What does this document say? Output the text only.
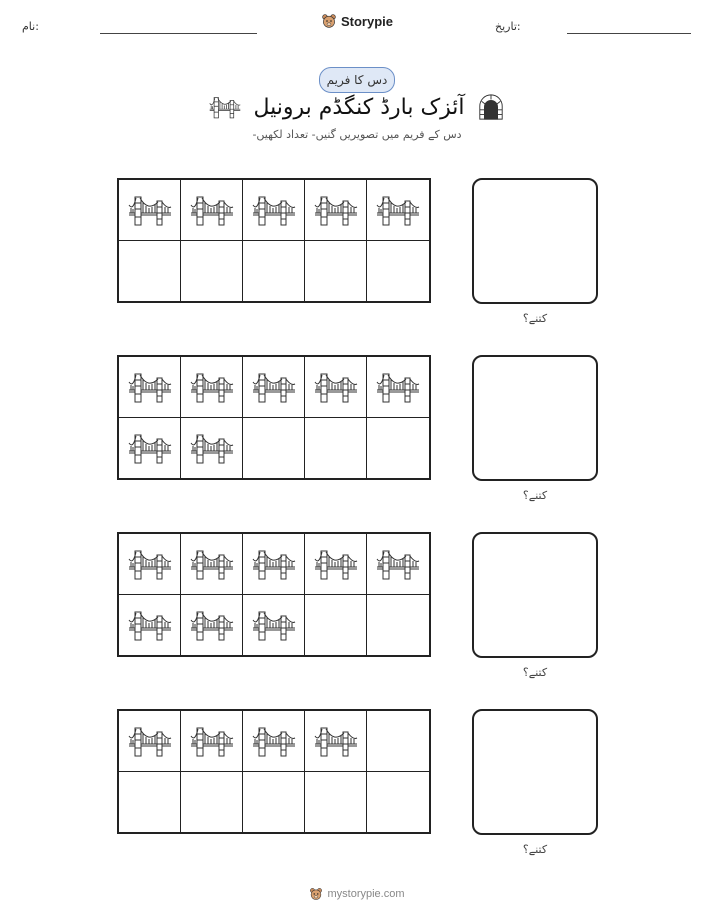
نام:	Storypie	تاریخ:
دس کا فریم
آئزک بارڈ کنگڈم برونیل
دس کے فریم میں تصویریں گنیں- تعداد لکھیں-
کتنے؟
کتنے؟
کتنے؟
کتنے؟
mystorypie.com
